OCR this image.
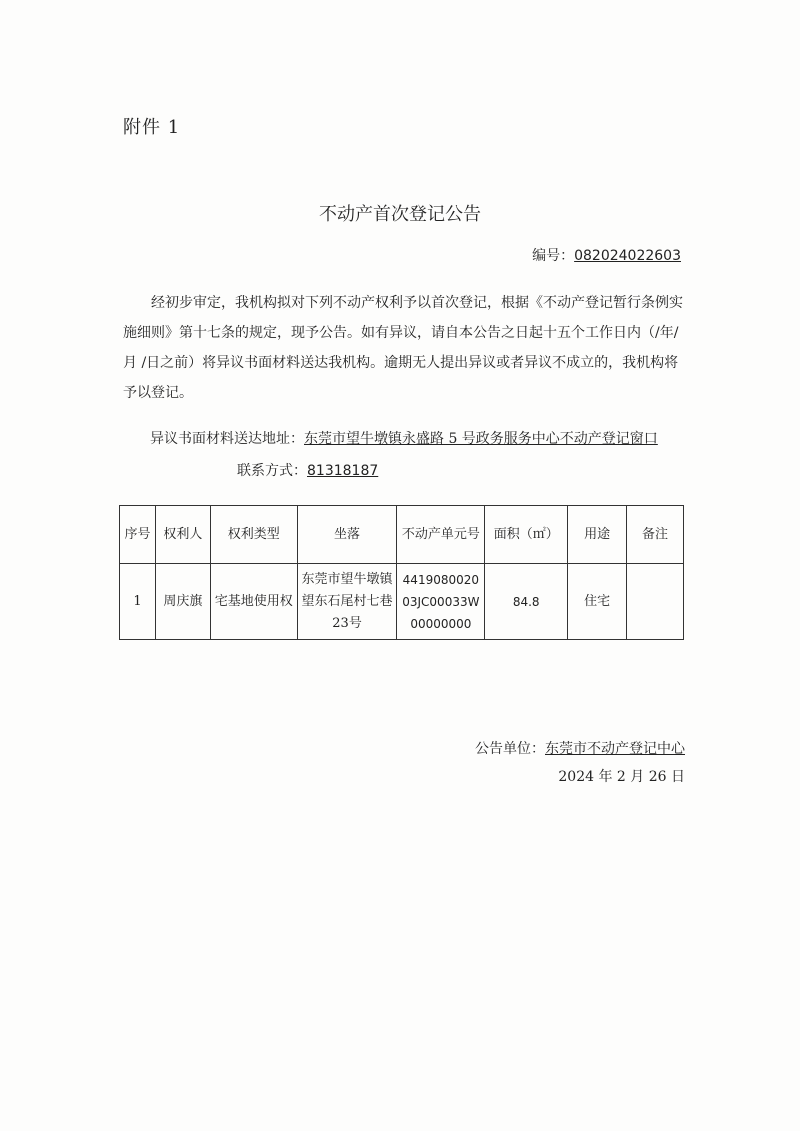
附件 1
不动产首次登记公告
编号：082024022603
经初步审定，我机构拟对下列不动产权利予以首次登记，根据《不动产登记暂行条例实施细则》第十七条的规定，现予公告。如有异议，请自本公告之日起十五个工作日内（/年/月 /日之前）将异议书面材料送达我机构。逾期无人提出异议或者异议不成立的，我机构将予以登记。
异议书面材料送达地址：东莞市望牛墩镇永盛路 5 号政务服务中心不动产登记窗口
联系方式：81318187
序号	权利人	权利类型	坐落	不动产单元号	面积（㎡）	用途	备注
1	周庆旗	宅基地使用权	东莞市望牛墩镇望东石尾村七巷23号	441908002003JC00033W00000000	84.8	住宅	
公告单位：东莞市不动产登记中心
2024 年 2 月 26 日
